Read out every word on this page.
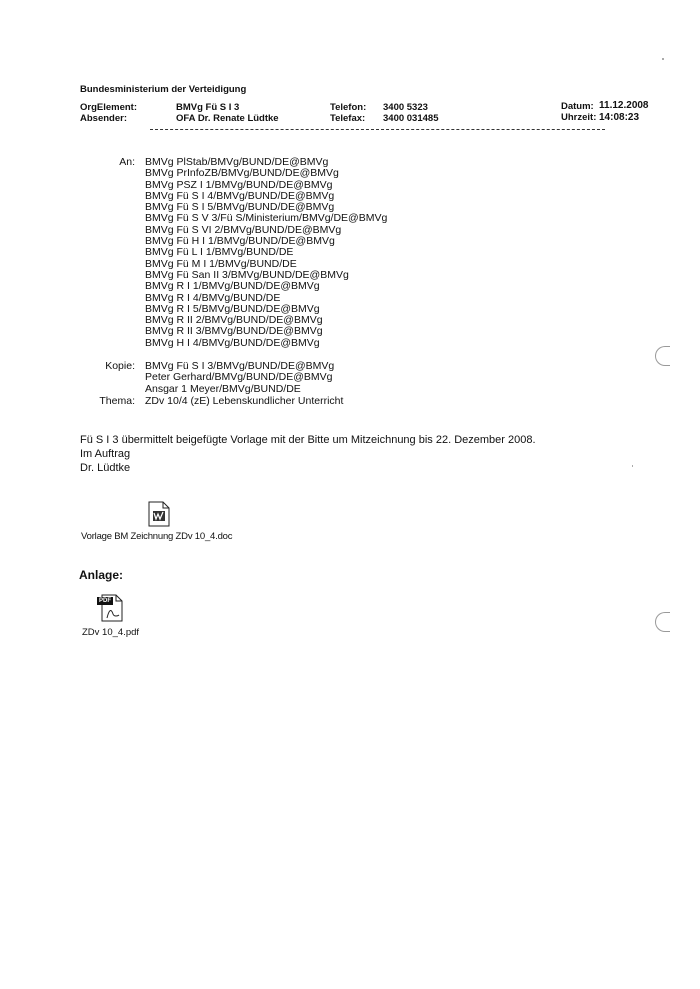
Bundesministerium der Verteidigung
OrgElement:	BMVg Fü S I 3	Telefon: 3400 5323	Datum: 11.12.2008
Absender:	OFA Dr. Renate Lüdtke	Telefax: 3400 031485	Uhrzeit: 14:08:23
An: BMVg PlStab/BMVg/BUND/DE@BMVg
BMVg PrInfoZB/BMVg/BUND/DE@BMVg
BMVg PSZ I 1/BMVg/BUND/DE@BMVg
BMVg Fü S I 4/BMVg/BUND/DE@BMVg
BMVg Fü S I 5/BMVg/BUND/DE@BMVg
BMVg Fü S V 3/Fü S/Ministerium/BMVg/DE@BMVg
BMVg Fü S VI 2/BMVg/BUND/DE@BMVg
BMVg Fü H I 1/BMVg/BUND/DE@BMVg
BMVg Fü L I 1/BMVg/BUND/DE
BMVg Fü M I 1/BMVg/BUND/DE
BMVg Fü San II 3/BMVg/BUND/DE@BMVg
BMVg R I 1/BMVg/BUND/DE@BMVg
BMVg R I 4/BMVg/BUND/DE
BMVg R I 5/BMVg/BUND/DE@BMVg
BMVg R II 2/BMVg/BUND/DE@BMVg
BMVg R II 3/BMVg/BUND/DE@BMVg
BMVg H I 4/BMVg/BUND/DE@BMVg
Kopie: BMVg Fü S I 3/BMVg/BUND/DE@BMVg
Peter Gerhard/BMVg/BUND/DE@BMVg
Ansgar 1 Meyer/BMVg/BUND/DE
Thema: ZDv 10/4 (zE) Lebenskundlicher Unterricht
Fü S I 3 übermittelt beigefügte Vorlage mit der Bitte um Mitzeichnung bis 22. Dezember 2008.
Im Auftrag
Dr. Lüdtke
Vorlage BM Zeichnung ZDv 10_4.doc
Anlage:
PDF
ZDv 10_4.pdf
